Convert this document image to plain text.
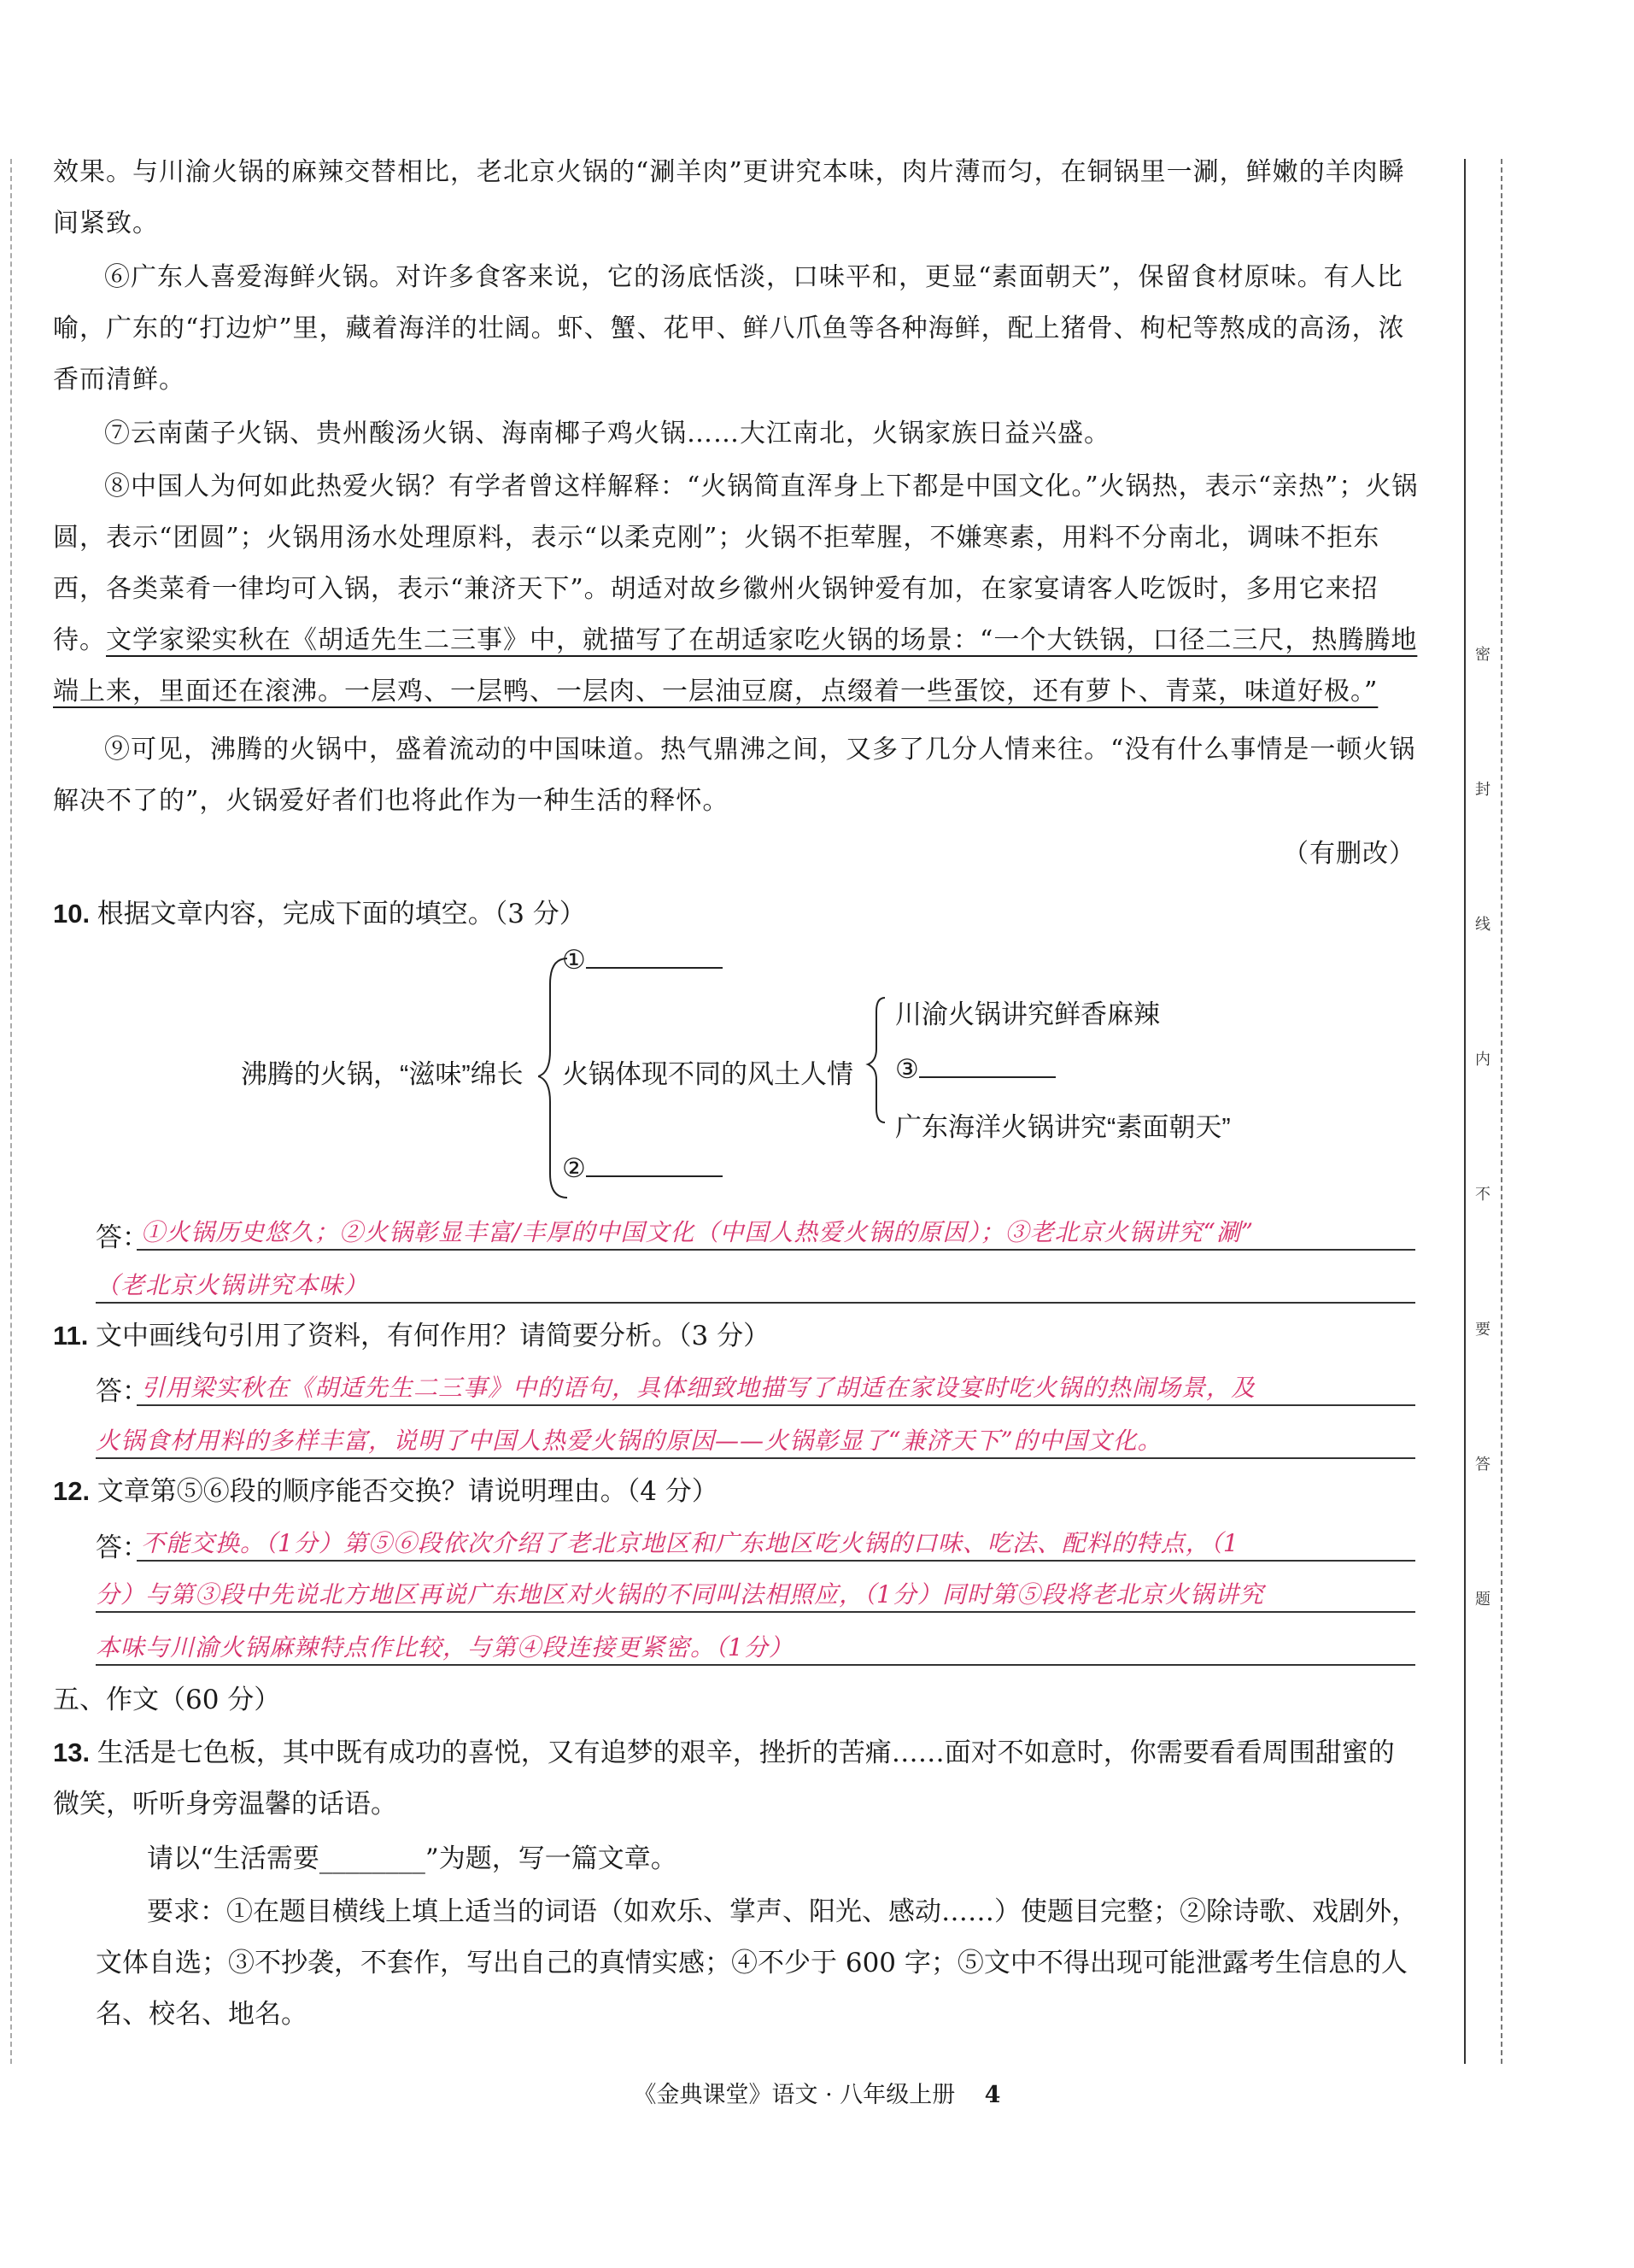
密
封
线
内
不
要
答
题

效果。与川渝火锅的麻辣交替相比，老北京火锅的“涮羊肉”更讲究本味，肉片薄而匀，在铜锅里一涮，鲜嫩的羊肉瞬间紧致。

⑥广东人喜爱海鲜火锅。对许多食客来说，它的汤底恬淡，口味平和，更显“素面朝天”，保留食材原味。有人比喻，广东的“打边炉”里，藏着海洋的壮阔。虾、蟹、花甲、鲜八爪鱼等各种海鲜，配上猪骨、枸杞等熬成的高汤，浓香而清鲜。

⑦云南菌子火锅、贵州酸汤火锅、海南椰子鸡火锅……大江南北，火锅家族日益兴盛。

⑧中国人为何如此热爱火锅？有学者曾这样解释：“火锅简直浑身上下都是中国文化。”火锅热，表示“亲热”；火锅圆，表示“团圆”；火锅用汤水处理原料，表示“以柔克刚”；火锅不拒荤腥，不嫌寒素，用料不分南北，调味不拒东西，各类菜肴一律均可入锅，表示“兼济天下”。胡适对故乡徽州火锅钟爱有加，在家宴请客人吃饭时，多用它来招待。文学家梁实秋在《胡适先生二三事》中，就描写了在胡适家吃火锅的场景：“一个大铁锅，口径二三尺，热腾腾地端上来，里面还在滚沸。一层鸡、一层鸭、一层肉、一层油豆腐，点缀着一些蛋饺，还有萝卜、青菜，味道好极。”

⑨可见，沸腾的火锅中，盛着流动的中国味道。热气鼎沸之间，又多了几分人情来往。“没有什么事情是一顿火锅解决不了的”，火锅爱好者们也将此作为一种生活的释怀。

（有删改）

10. 根据文章内容，完成下面的填空。（3 分）

沸腾的火锅，“滋味”绵长
①
火锅体现不同的风土人情
②
川渝火锅讲究鲜香麻辣
③
广东海洋火锅讲究“素面朝天”
答：

①火锅历史悠久；②火锅彰显丰富/丰厚的中国文化（中国人热爱火锅的原因）；③老北京火锅讲究“涮”

（老北京火锅讲究本味）

11. 文中画线句引用了资料，有何作用？请简要分析。（3 分）

答：

引用梁实秋在《胡适先生二三事》中的语句，具体细致地描写了胡适在家设宴时吃火锅的热闹场景，及

火锅食材用料的多样丰富，说明了中国人热爱火锅的原因——火锅彰显了“兼济天下”的中国文化。

12. 文章第⑤⑥段的顺序能否交换？请说明理由。（4 分）

答：

不能交换。（1分）第⑤⑥段依次介绍了老北京地区和广东地区吃火锅的口味、吃法、配料的特点，（1

分）与第③段中先说北方地区再说广东地区对火锅的不同叫法相照应，（1分）同时第⑤段将老北京火锅讲究

本味与川渝火锅麻辣特点作比较，与第④段连接更紧密。（1分）

五、作文（60 分）

13. 生活是七色板，其中既有成功的喜悦，又有追梦的艰辛，挫折的苦痛……面对不如意时，你需要看看周围甜蜜的微笑，听听身旁温馨的话语。

请以“生活需要________”为题，写一篇文章。

要求：①在题目横线上填上适当的词语（如欢乐、掌声、阳光、感动……）使题目完整；②除诗歌、戏剧外，文体自选；③不抄袭，不套作，写出自己的真情实感；④不少于 600 字；⑤文中不得出现可能泄露考生信息的人名、校名、地名。

《金典课堂》语文 · 八年级上册 4
